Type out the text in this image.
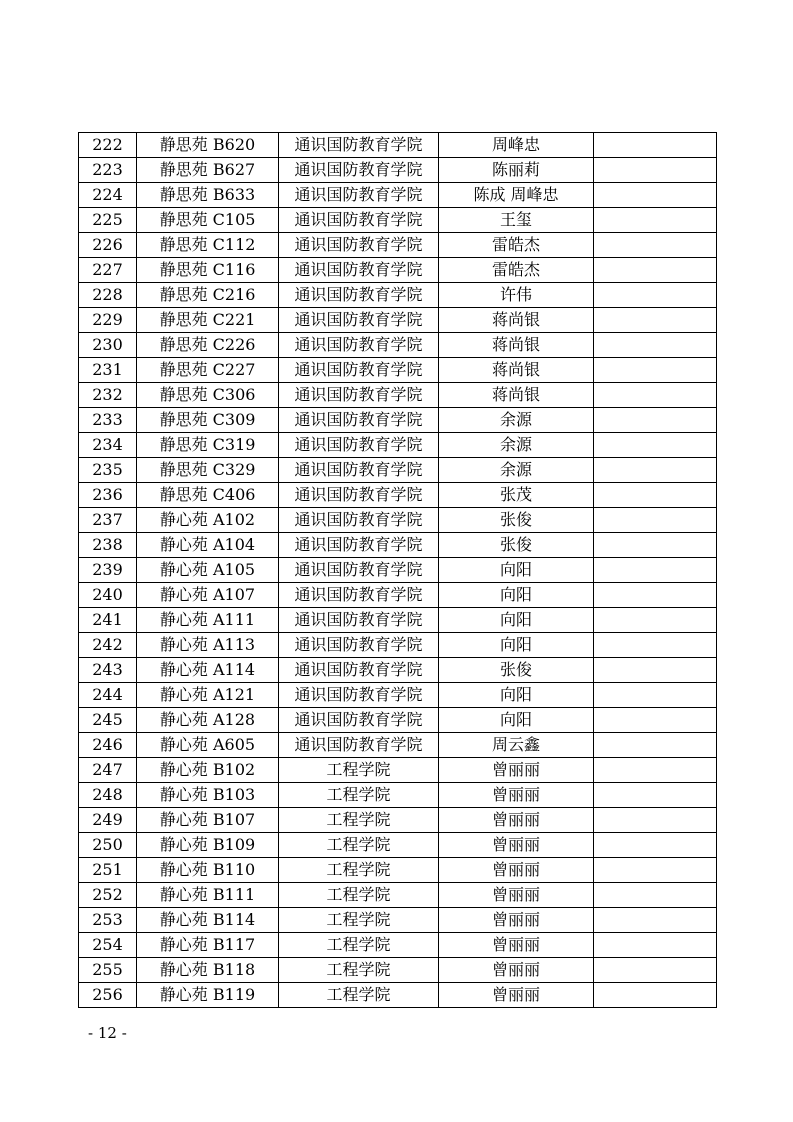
222	静思苑 B620	通识国防教育学院	周峰忠	
223	静思苑 B627	通识国防教育学院	陈丽莉	
224	静思苑 B633	通识国防教育学院	陈成 周峰忠	
225	静思苑 C105	通识国防教育学院	王玺	
226	静思苑 C112	通识国防教育学院	雷皓杰	
227	静思苑 C116	通识国防教育学院	雷皓杰	
228	静思苑 C216	通识国防教育学院	许伟	
229	静思苑 C221	通识国防教育学院	蒋尚银	
230	静思苑 C226	通识国防教育学院	蒋尚银	
231	静思苑 C227	通识国防教育学院	蒋尚银	
232	静思苑 C306	通识国防教育学院	蒋尚银	
233	静思苑 C309	通识国防教育学院	余源	
234	静思苑 C319	通识国防教育学院	余源	
235	静思苑 C329	通识国防教育学院	余源	
236	静思苑 C406	通识国防教育学院	张茂	
237	静心苑 A102	通识国防教育学院	张俊	
238	静心苑 A104	通识国防教育学院	张俊	
239	静心苑 A105	通识国防教育学院	向阳	
240	静心苑 A107	通识国防教育学院	向阳	
241	静心苑 A111	通识国防教育学院	向阳	
242	静心苑 A113	通识国防教育学院	向阳	
243	静心苑 A114	通识国防教育学院	张俊	
244	静心苑 A121	通识国防教育学院	向阳	
245	静心苑 A128	通识国防教育学院	向阳	
246	静心苑 A605	通识国防教育学院	周云鑫	
247	静心苑 B102	工程学院	曾丽丽	
248	静心苑 B103	工程学院	曾丽丽	
249	静心苑 B107	工程学院	曾丽丽	
250	静心苑 B109	工程学院	曾丽丽	
251	静心苑 B110	工程学院	曾丽丽	
252	静心苑 B111	工程学院	曾丽丽	
253	静心苑 B114	工程学院	曾丽丽	
254	静心苑 B117	工程学院	曾丽丽	
255	静心苑 B118	工程学院	曾丽丽	
256	静心苑 B119	工程学院	曾丽丽	
- 12 -
